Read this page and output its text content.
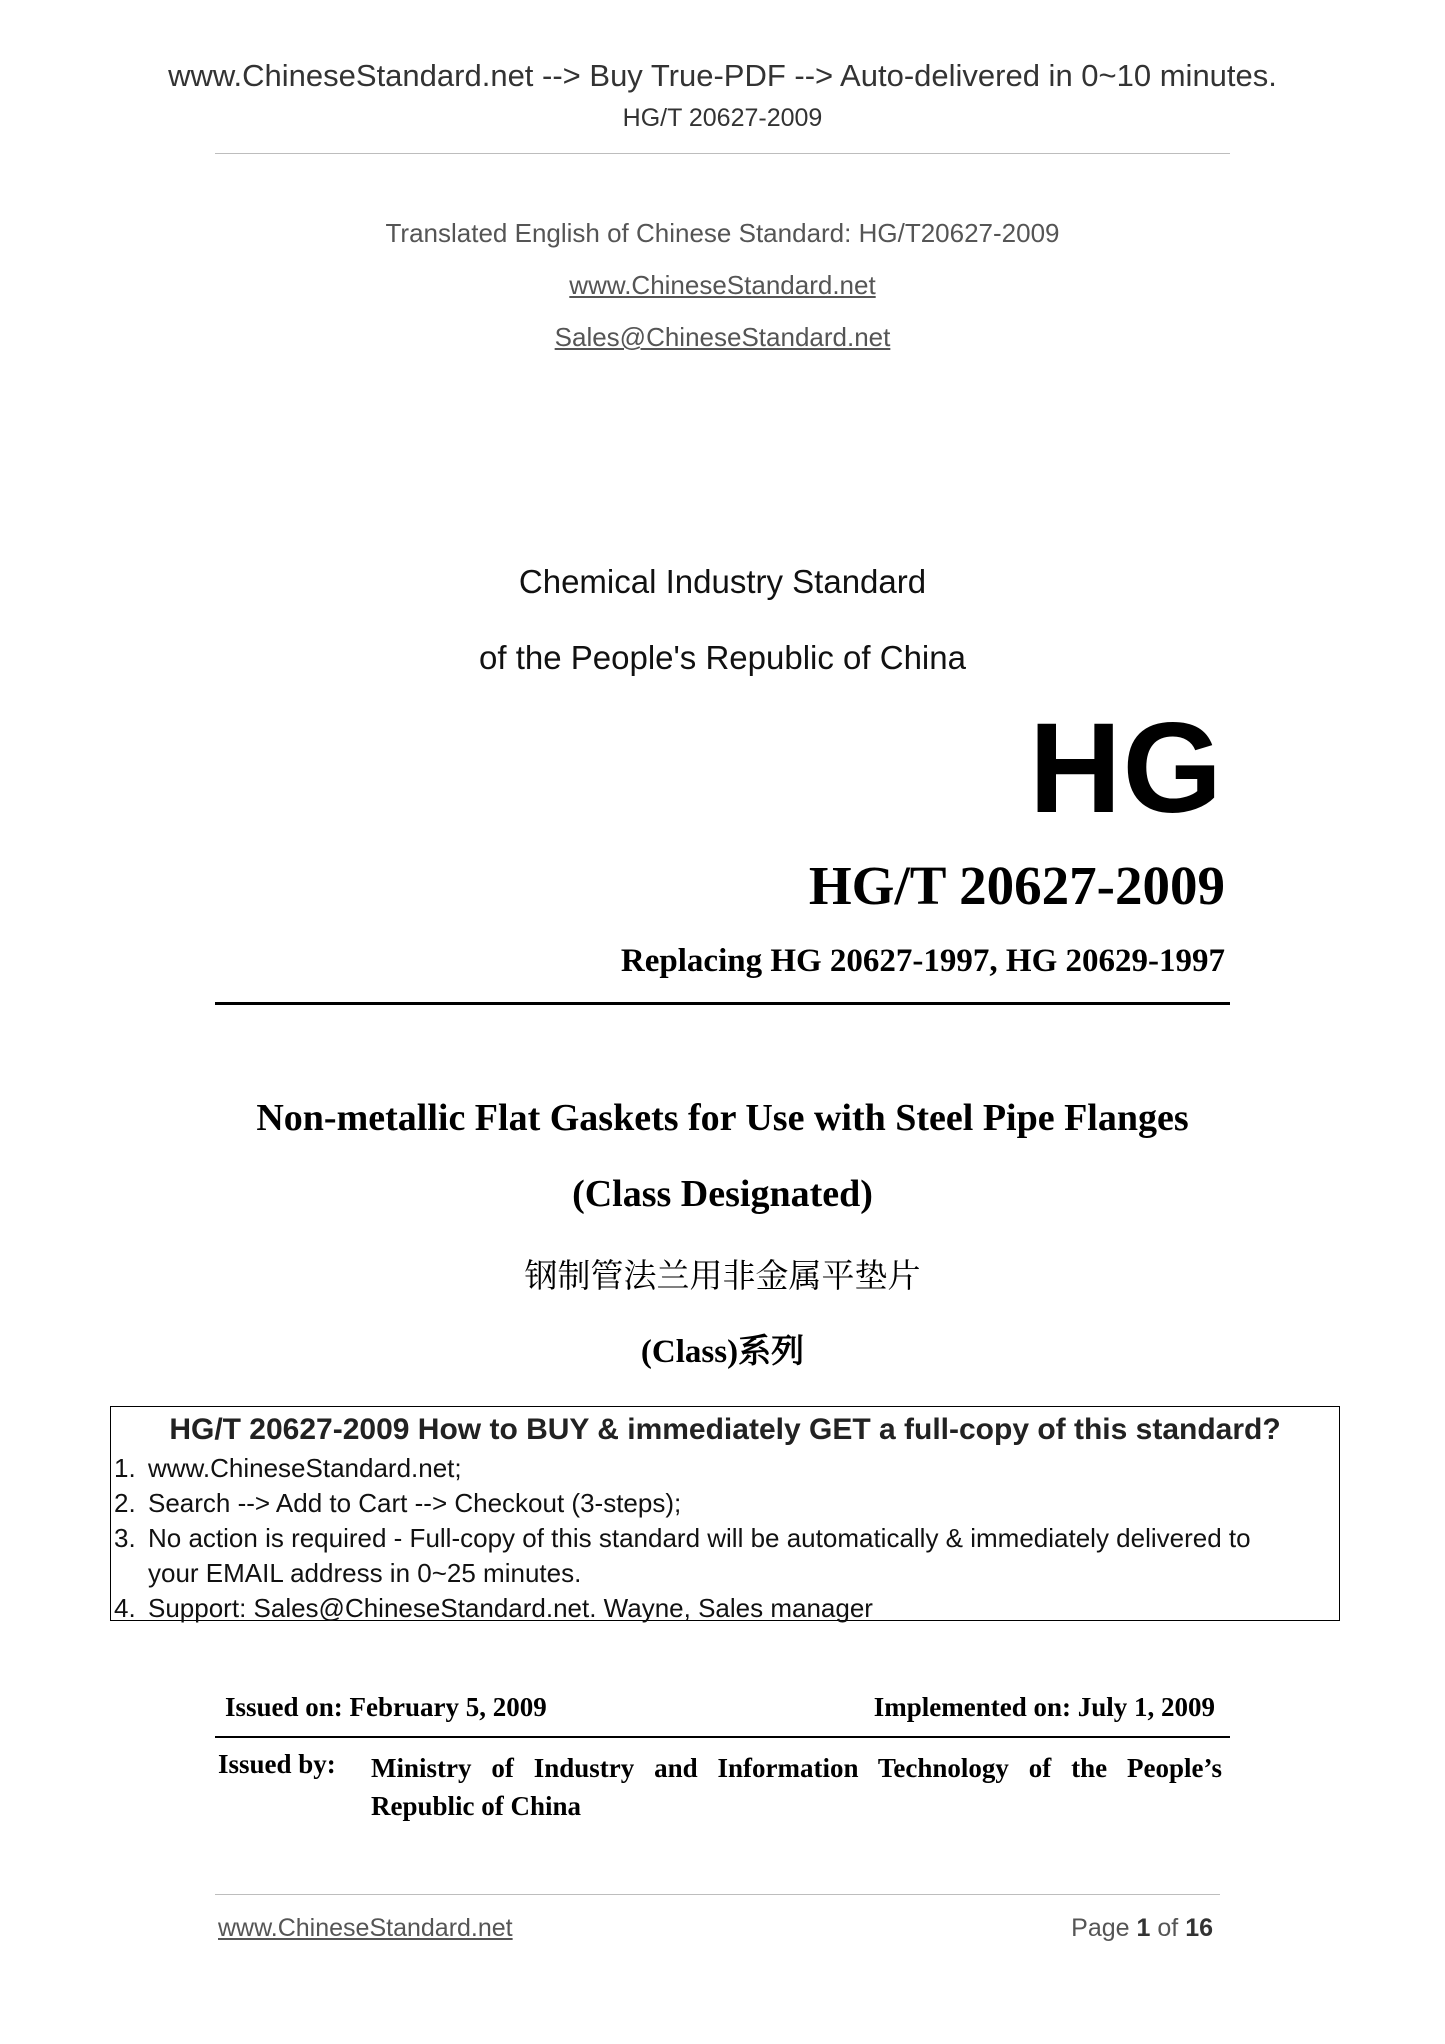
www.ChineseStandard.net --> Buy True-PDF --> Auto-delivered in 0~10 minutes.
HG/T 20627-2009
Translated English of Chinese Standard: HG/T20627-2009
www.ChineseStandard.net
Sales@ChineseStandard.net
Chemical Industry Standard
of the People's Republic of China
HG
HG/T 20627-2009
Replacing HG 20627-1997, HG 20629-1997
Non-metallic Flat Gaskets for Use with Steel Pipe Flanges
(Class Designated)
钢制管法兰用非金属平垫片
(Class)系列
HG/T 20627-2009 How to BUY & immediately GET a full-copy of this standard?
1. www.ChineseStandard.net;
2. Search --> Add to Cart --> Checkout (3-steps);
3. No action is required - Full-copy of this standard will be automatically & immediately delivered to
your EMAIL address in 0~25 minutes.
4. Support: Sales@ChineseStandard.net. Wayne, Sales manager
Issued on: February 5, 2009	Implemented on: July 1, 2009
Issued by: Ministry of Industry and Information Technology of the People’s Republic of China
www.ChineseStandard.net	Page 1 of 16
